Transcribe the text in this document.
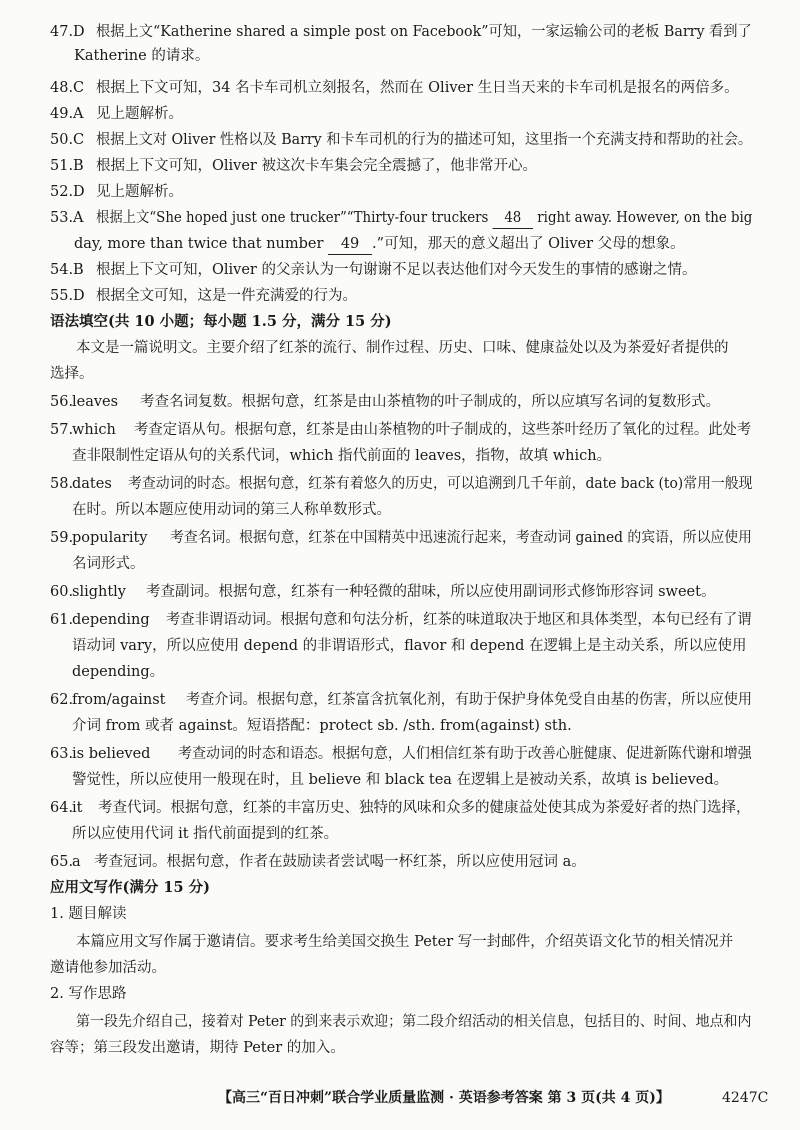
47.D 根据上文“Katherine shared a simple post on Facebook”可知，一家运输公司的老板 Barry 看到了
Katherine 的请求。
48.C 根据上下文可知，34 名卡车司机立刻报名，然而在 Oliver 生日当天来的卡车司机是报名的两倍多。
49.A 见上题解析。
50.C 根据上文对 Oliver 性格以及 Barry 和卡车司机的行为的描述可知，这里指一个充满支持和帮助的社会。
51.B 根据上下文可知，Oliver 被这次卡车集会完全震撼了，他非常开心。
52.D 见上题解析。
53.A 根据上文“She hoped just one trucker”“Thirty-four truckers 48 right away. However, on the big
day, more than twice that number 49 .”可知，那天的意义超出了 Oliver 父母的想象。
54.B 根据上下文可知，Oliver 的父亲认为一句谢谢不足以表达他们对今天发生的事情的感谢之情。
55.D 根据全文可知，这是一件充满爱的行为。
语法填空(共 10 小题；每小题 1.5 分，满分 15 分)
本文是一篇说明文。主要介绍了红茶的流行、制作过程、历史、口味、健康益处以及为茶爱好者提供的
选择。
56.
leaves 考查名词复数。根据句意，红茶是由山茶植物的叶子制成的，所以应填写名词的复数形式。
57.
which 考查定语从句。根据句意，红茶是由山茶植物的叶子制成的，这些茶叶经历了氧化的过程。此处考
查非限制性定语从句的关系代词，which 指代前面的 leaves，指物，故填 which。
58.
dates 考查动词的时态。根据句意，红茶有着悠久的历史，可以追溯到几千年前，date back (to)常用一般现
在时。所以本题应使用动词的第三人称单数形式。
59.
popularity 考查名词。根据句意，红茶在中国精英中迅速流行起来，考查动词 gained 的宾语，所以应使用
名词形式。
60.
slightly 考查副词。根据句意，红茶有一种轻微的甜味，所以应使用副词形式修饰形容词 sweet。
61.
depending 考查非谓语动词。根据句意和句法分析，红茶的味道取决于地区和具体类型，本句已经有了谓
语动词 vary，所以应使用 depend 的非谓语形式，flavor 和 depend 在逻辑上是主动关系，所以应使用
depending。
62.
from/against 考查介词。根据句意，红茶富含抗氧化剂，有助于保护身体免受自由基的伤害，所以应使用
介词 from 或者 against。短语搭配：protect sb. /sth. from(against) sth.
63.
is believed 考查动词的时态和语态。根据句意，人们相信红茶有助于改善心脏健康、促进新陈代谢和增强
警觉性，所以应使用一般现在时，且 believe 和 black tea 在逻辑上是被动关系，故填 is believed。
64.
it 考查代词。根据句意，红茶的丰富历史、独特的风味和众多的健康益处使其成为茶爱好者的热门选择，
所以应使用代词 it 指代前面提到的红茶。
65.
a 考查冠词。根据句意，作者在鼓励读者尝试喝一杯红茶，所以应使用冠词 a。
应用文写作(满分 15 分)
1. 题目解读
本篇应用文写作属于邀请信。要求考生给美国交换生 Peter 写一封邮件，介绍英语文化节的相关情况并
邀请他参加活动。
2. 写作思路
第一段先介绍自己，接着对 Peter 的到来表示欢迎；第二段介绍活动的相关信息，包括目的、时间、地点和内
容等；第三段发出邀请，期待 Peter 的加入。
【高三“百日冲刺”联合学业质量监测 · 英语参考答案 第 3 页(共 4 页)】	4247C
